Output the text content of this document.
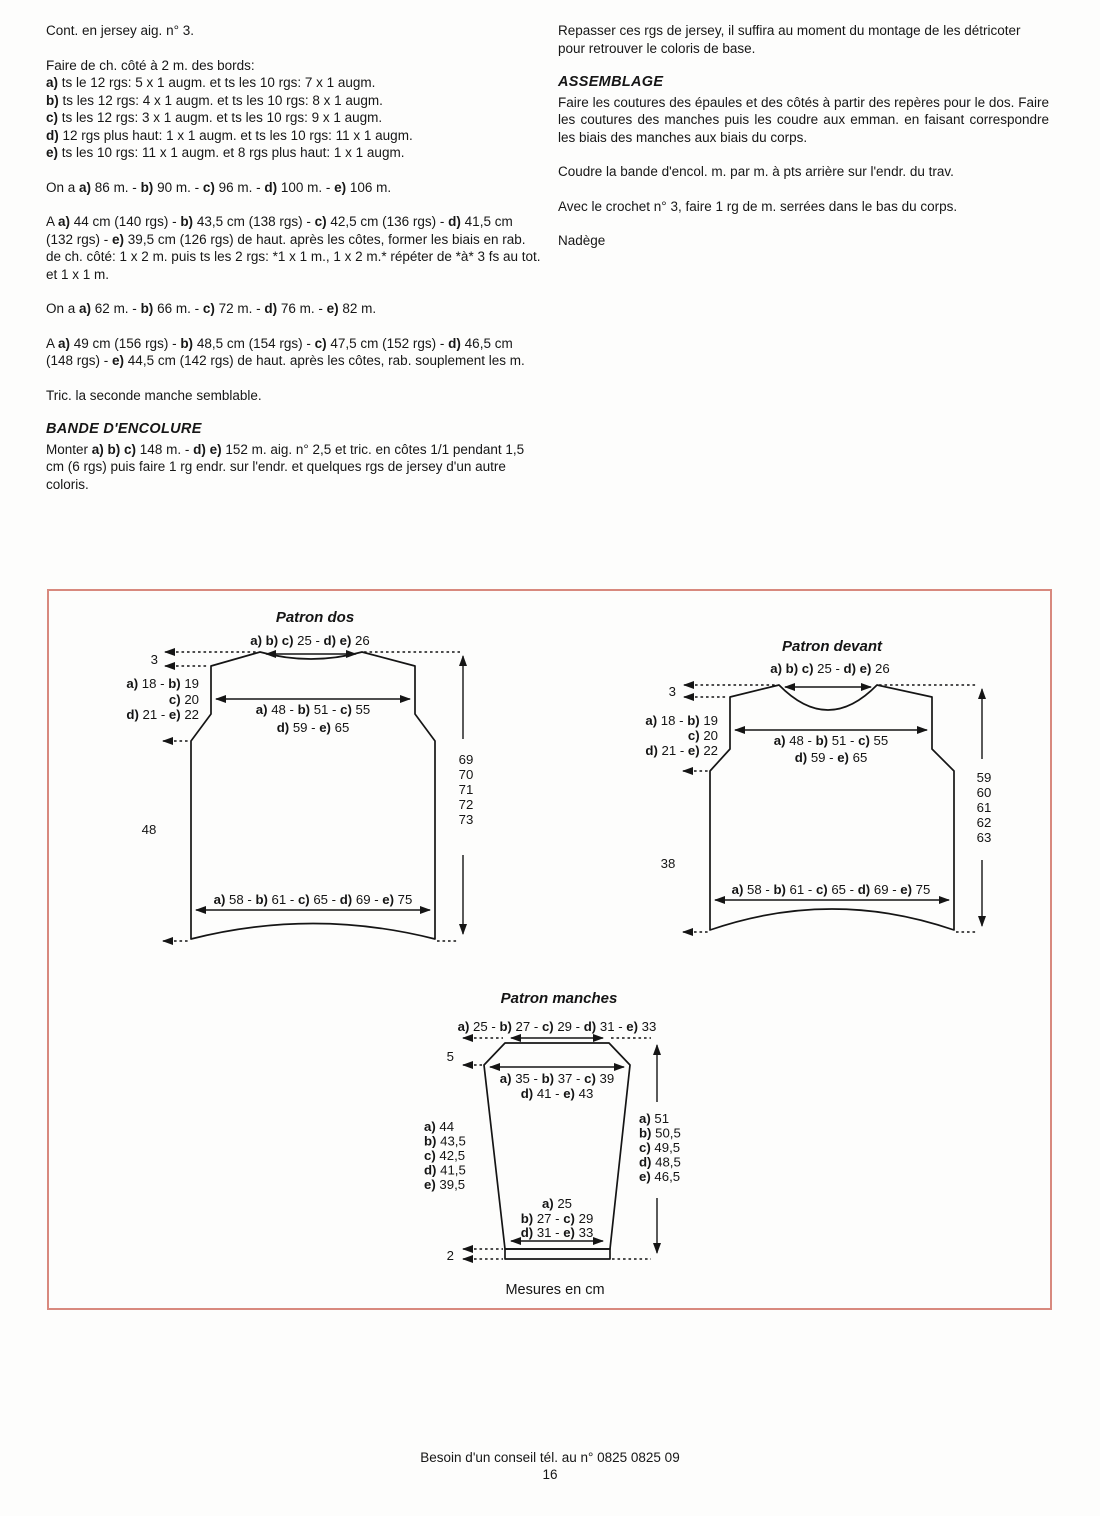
Cont. en jersey aig. n° 3.

Faire de ch. côté à 2 m. des bords:
a) ts le 12 rgs: 5 x 1 augm. et ts les 10 rgs: 7 x 1 augm.
b) ts les 12 rgs: 4 x 1 augm. et ts les 10 rgs: 8 x 1 augm.
c) ts les 12 rgs: 3 x 1 augm. et ts les 10 rgs: 9 x 1 augm.
d) 12 rgs plus haut: 1 x 1 augm. et ts les 10 rgs: 11 x 1 augm.
e) ts les 10 rgs: 11 x 1 augm. et 8 rgs plus haut: 1 x 1 augm.

On a a) 86 m. - b) 90 m. - c) 96 m. - d) 100 m. - e) 106 m.

A a) 44 cm (140 rgs) - b) 43,5 cm (138 rgs) - c) 42,5 cm (136 rgs) - d) 41,5 cm (132 rgs) - e) 39,5 cm (126 rgs) de haut. après les côtes, former les biais en rab. de ch. côté: 1 x 2 m. puis ts les 2 rgs: *1 x 1 m., 1 x 2 m.* répéter de *à* 3 fs au tot. et 1 x 1 m.

On a a) 62 m. - b) 66 m. - c) 72 m. - d) 76 m. - e) 82 m.

A a) 49 cm (156 rgs) - b) 48,5 cm (154 rgs) - c) 47,5 cm (152 rgs) - d) 46,5 cm (148 rgs) - e) 44,5 cm (142 rgs) de haut. après les côtes, rab. souplement les m.

Tric. la seconde manche semblable.

BANDE D'ENCOLURE

Monter a) b) c) 148 m. - d) e) 152 m. aig. n° 2,5 et tric. en côtes 1/1 pendant 1,5 cm (6 rgs) puis faire 1 rg endr. sur l'endr. et quelques rgs de jersey d'un autre coloris.

Repasser ces rgs de jersey, il suffira au moment du montage de les détricoter pour retrouver le coloris de base.

ASSEMBLAGE

Faire les coutures des épaules et des côtés à partir des repères pour le dos. Faire les coutures des manches puis les coudre aux emman. en faisant correspondre les biais des manches aux biais du corps.

Coudre la bande d'encol. m. par m. à pts arrière sur l'endr. du trav.

Avec le crochet n° 3, faire 1 rg de m. serrées dans le bas du corps.

Nadège

Patron dos
a) b) c) 25 - d) e) 26
3
a) 18 - b) 19
c) 20
d) 21 - e) 22	a) 48 - b) 51 - c) 55
d) 59 - e) 65
48
69
70
71
72
73
a) 58 - b) 61 - c) 65 - d) 69 - e) 75
Patron devant
a) b) c) 25 - d) e) 26
3
a) 18 - b) 19
c) 20
d) 21 - e) 22
a) 48 - b) 51 - c) 55
d) 59 - e) 65
38
59
60
61
62
63
a) 58 - b) 61 - c) 65 - d) 69 - e) 75
Patron manches
a) 25 - b) 27 - c) 29 - d) 31 - e) 33
5
a) 35 - b) 37 - c) 39
d) 41 - e) 43
a) 44
b) 43,5
c) 42,5
d) 41,5
e) 39,5
a) 51
b) 50,5
c) 49,5
d) 48,5
e) 46,5
a) 25
b) 27 - c) 29
d) 31 - e) 33
2
Mesures en cm
Besoin d'un conseil tél. au n° 0825 0825 09
16
